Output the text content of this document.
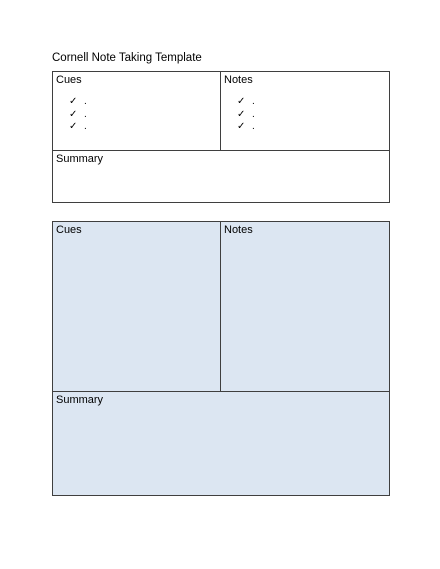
Cornell Note Taking Template
Cues
✓ .
✓ .
✓ .

Notes
✓ .
✓ .
✓ .

Summary
Cues	Notes

Summary
